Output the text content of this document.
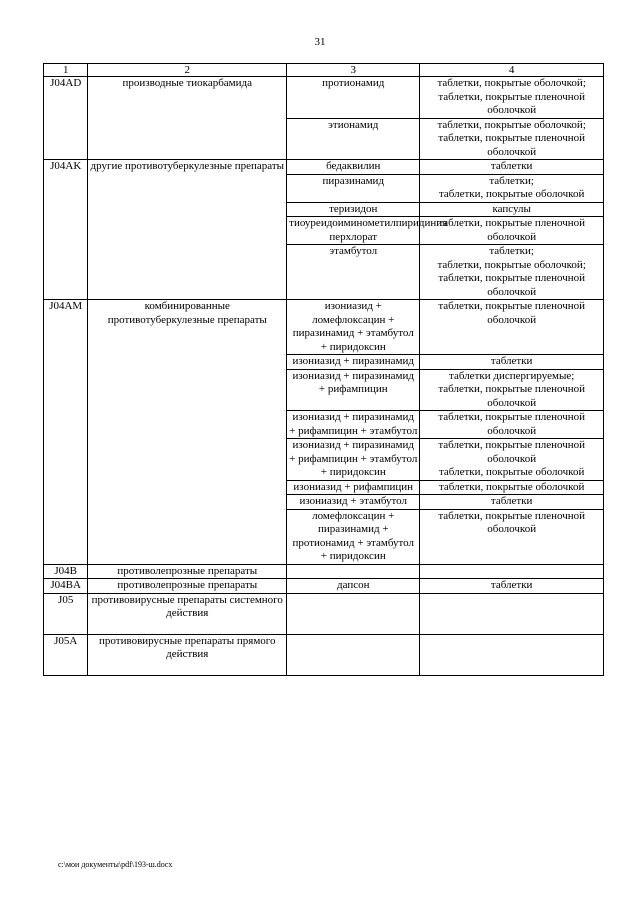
31
1	2	3	4
J04AD	производные тиокарбамида	протионамид	таблетки, покрытые оболочкой;
таблетки, покрытые пленочной оболочкой

		этионамид	таблетки, покрытые оболочкой;
таблетки, покрытые пленочной оболочкой

J04AK	другие противотуберкулезные препараты	бедаквилин	таблетки

		пиразинамид	таблетки;
таблетки, покрытые оболочкой

		теризидон	капсулы

		тиоуреидоиминометилпиридиния перхлорат	таблетки, покрытые пленочной оболочкой

		этамбутол	таблетки;
таблетки, покрытые оболочкой;
таблетки, покрытые пленочной оболочкой

J04AM	комбинированные противотуберкулезные препараты	изониазид + ломефлоксацин + пиразинамид + этамбутол + пиридоксин	таблетки, покрытые пленочной оболочкой

		изониазид + пиразинамид	таблетки

		изониазид + пиразинамид + рифампицин	таблетки диспергируемые;
таблетки, покрытые пленочной оболочкой

		изониазид + пиразинамид + рифампицин + этамбутол	таблетки, покрытые пленочной оболочкой

		изониазид + пиразинамид + рифампицин + этамбутол + пиридоксин	таблетки, покрытые пленочной оболочкой
таблетки, покрытые оболочкой

		изониазид + рифампицин	таблетки, покрытые оболочкой

		изониазид + этамбутол	таблетки

		ломефлоксацин + пиразинамид + протионамид + этамбутол + пиридоксин	таблетки, покрытые пленочной оболочкой

J04B	противолепрозные препараты		
J04BA	противолепрозные препараты	дапсон	таблетки

J05	противовирусные препараты системного действия		
J05A	противовирусные препараты прямого действия		
c:\мои документы\pdf\193-ш.docx
